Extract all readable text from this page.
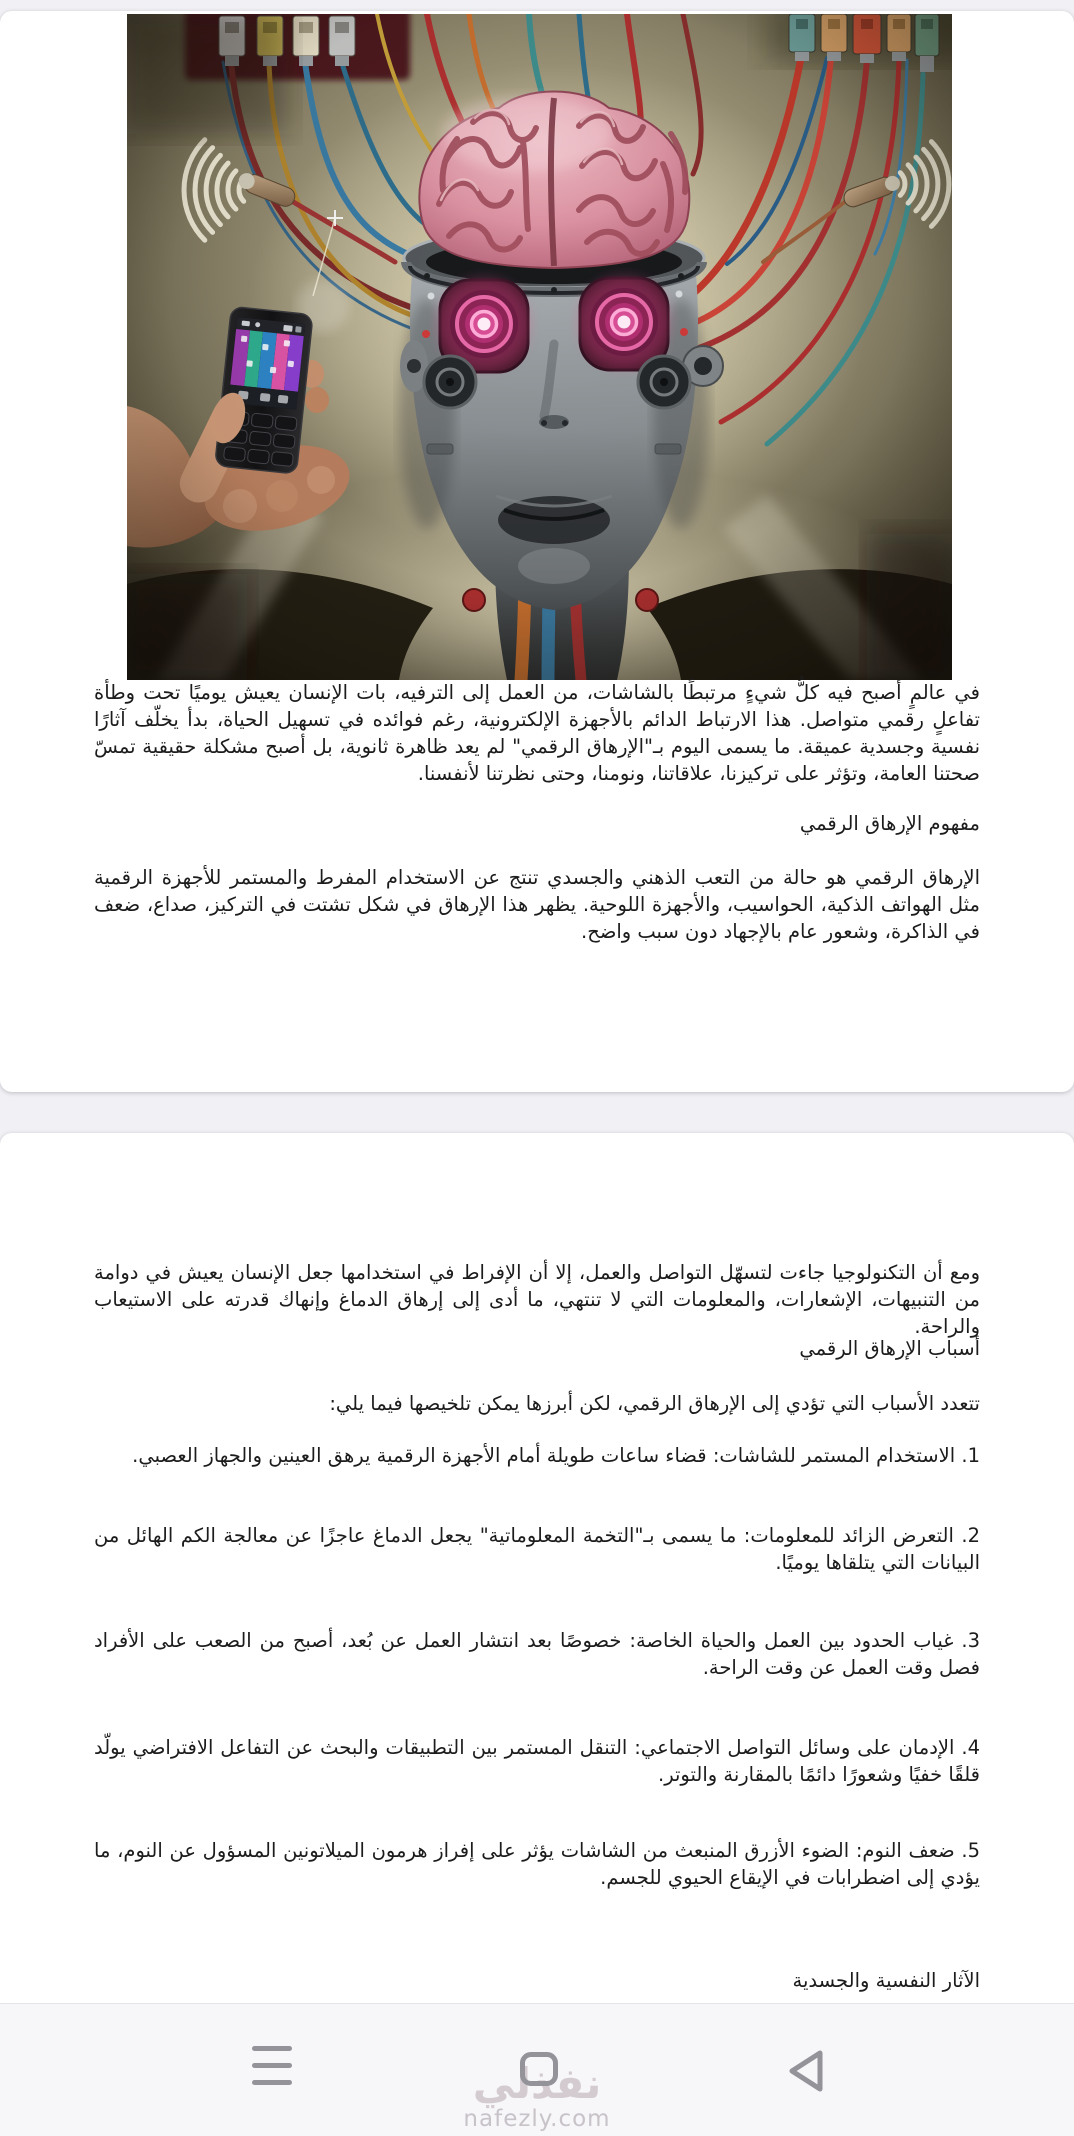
في عالمٍ أصبح فيه كلُّ شيءٍ مرتبطًا بالشاشات، من العمل إلى الترفيه، بات الإنسان يعيش يوميًا تحت وطأة تفاعلٍ رقمي متواصل. هذا الارتباط الدائم بالأجهزة الإلكترونية، رغم فوائده في تسهيل الحياة، بدأ يخلّف آثارًا نفسية وجسدية عميقة. ما يسمى اليوم بـ"الإرهاق الرقمي" لم يعد ظاهرة ثانوية، بل أصبح مشكلة حقيقية تمسّ صحتنا العامة، وتؤثر على تركيزنا، علاقاتنا، ونومنا، وحتى نظرتنا لأنفسنا.

مفهوم الإرهاق الرقمي

الإرهاق الرقمي هو حالة من التعب الذهني والجسدي تنتج عن الاستخدام المفرط والمستمر للأجهزة الرقمية مثل الهواتف الذكية، الحواسيب، والأجهزة اللوحية. يظهر هذا الإرهاق في شكل تشتت في التركيز، صداع، ضعف في الذاكرة، وشعور عام بالإجهاد دون سبب واضح.

ومع أن التكنولوجيا جاءت لتسهّل التواصل والعمل، إلا أن الإفراط في استخدامها جعل الإنسان يعيش في دوامة من التنبيهات، الإشعارات، والمعلومات التي لا تنتهي، ما أدى إلى إرهاق الدماغ وإنهاك قدرته على الاستيعاب والراحة.

أسباب الإرهاق الرقمي

تتعدد الأسباب التي تؤدي إلى الإرهاق الرقمي، لكن أبرزها يمكن تلخيصها فيما يلي:

1. الاستخدام المستمر للشاشات: قضاء ساعات طويلة أمام الأجهزة الرقمية يرهق العينين والجهاز العصبي.

2. التعرض الزائد للمعلومات: ما يسمى بـ"التخمة المعلوماتية" يجعل الدماغ عاجزًا عن معالجة الكم الهائل من البيانات التي يتلقاها يوميًا.

3. غياب الحدود بين العمل والحياة الخاصة: خصوصًا بعد انتشار العمل عن بُعد، أصبح من الصعب على الأفراد فصل وقت العمل عن وقت الراحة.

4. الإدمان على وسائل التواصل الاجتماعي: التنقل المستمر بين التطبيقات والبحث عن التفاعل الافتراضي يولّد قلقًا خفيًا وشعورًا دائمًا بالمقارنة والتوتر.

5. ضعف النوم: الضوء الأزرق المنبعث من الشاشات يؤثر على إفراز هرمون الميلاتونين المسؤول عن النوم، ما يؤدي إلى اضطرابات في الإيقاع الحيوي للجسم.

الآثار النفسية والجسدية

نفذلي
nafezly.com
